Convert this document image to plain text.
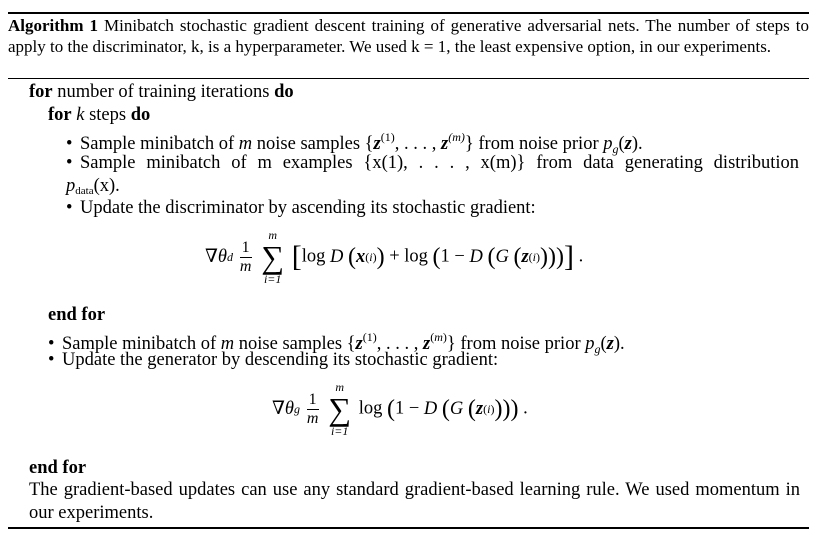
Algorithm 1 Minibatch stochastic gradient descent training of generative adversarial nets. The number of steps to apply to the discriminator, k, is a hyperparameter. We used k = 1, the least expensive option, in our experiments.
for number of training iterations do
for k steps do
• Sample minibatch of m noise samples {$z^{(1)}$, . . . , $z^{(m)}$} from noise prior $p_g(z)$.
• Sample minibatch of m examples {x(1), . . . , x(m)} from data generating distribution
pdata(x).
• Update the discriminator by ascending its stochastic gradient:
$\nabla\theta d \frac{1}{m}$

m
∑
i=1
[log D (x(i)) + log (1 − D (G (z(i))))] .
end for
• Sample minibatch of m noise samples {$z^{(1)}$, . . . , $z^{(m)}$} from noise prior $p_g(z)$.
• Update the generator by descending its stochastic gradient:
$\nabla\theta g \frac{1}{m}$

m
∑
i=1
log (1 − D (G (z(i)))) .
end for
The gradient-based updates can use any standard gradient-based learning rule. We used momentum in our experiments.
